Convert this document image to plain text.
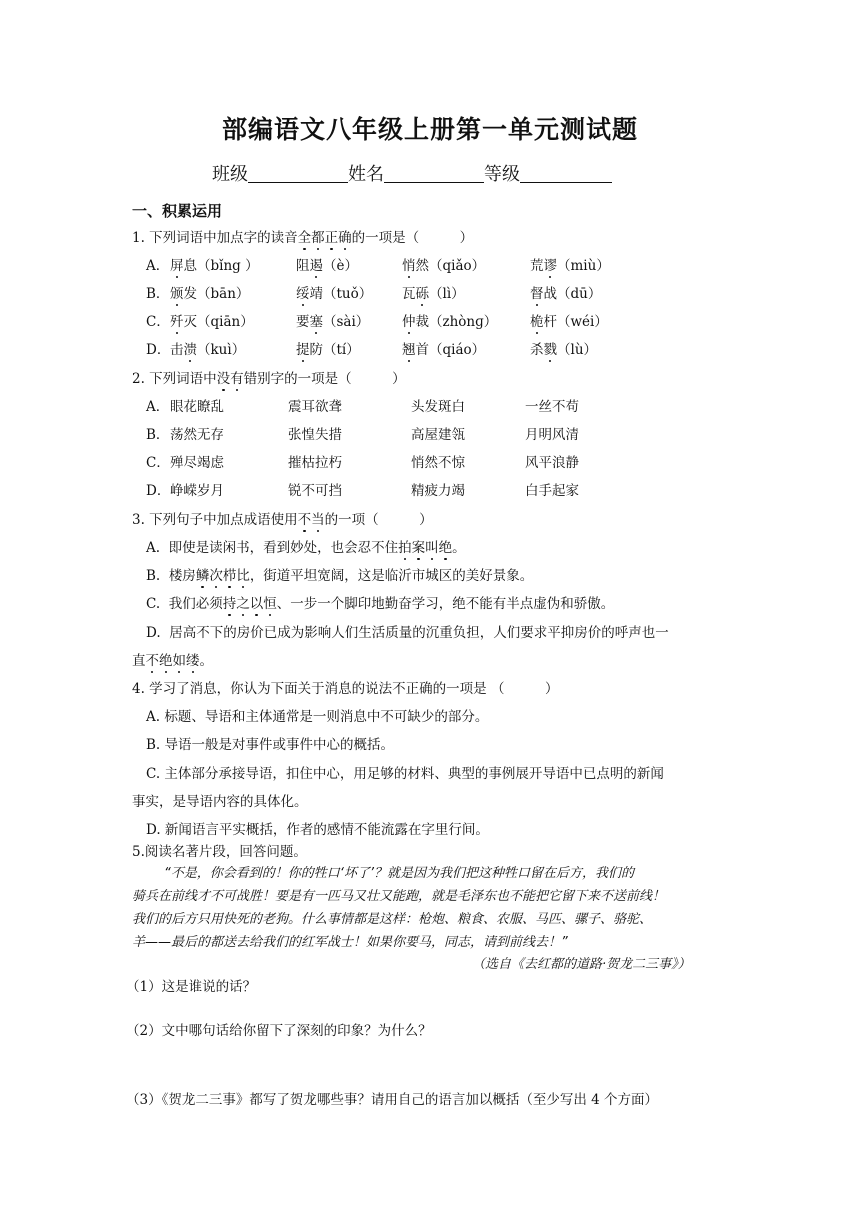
部编语文八年级上册第一单元测试题
班级	姓名	等级
一、积累运用
1. 下列词语中加点字的读音全都正确的一项是（　　　）
A． 屏息（bǐng ）	阻遏（è）	悄然（qiǎo）	荒谬（miù）
B． 颁发（bān）	绥靖（tuǒ） 瓦砾（lì）	督战（dū）
C． 歼灭（qiān）	要塞（sài） 仲裁（zhònɡ） 桅杆（wéi）
D． 击溃（kuì）	提防（tí）	翘首（qiáo）	杀戮（lù）
2. 下列词语中没有错别字的一项是（　　　）
A． 眼花瞭乱	震耳欲聋	头发斑白	一丝不苟
B． 荡然无存	张惶失措	高屋建瓴	月明风清
C． 殚尽竭虑	摧枯拉朽	悄然不惊	风平浪静
D． 峥嵘岁月	锐不可挡	精疲力竭	白手起家
3. 下列句子中加点成语使用不当的一项（　　　）
A. 即使是读闲书，看到妙处，也会忍不住拍案叫绝。
B. 楼房鳞次栉比，街道平坦宽阔，这是临沂市城区的美好景象。
C. 我们必须持之以恒、一步一个脚印地勤奋学习，绝不能有半点虚伪和骄傲。
D. 居高不下的房价已成为影响人们生活质量的沉重负担，人们要求平抑房价的呼声也一
直不绝如缕。
4. 学习了消息，你认为下面关于消息的说法不正确的一项是 （　　　）
A. 标题、导语和主体通常是一则消息中不可缺少的部分。
B. 导语一般是对事件或事件中心的概括。
C. 主体部分承接导语，扣住中心，用足够的材料、典型的事例展开导语中已点明的新闻
事实，是导语内容的具体化。
D. 新闻语言平实概括，作者的感情不能流露在字里行间。
5.阅读名著片段，回答问题。
“不是，你会看到的！你的牲口‘坏了’？就是因为我们把这种牲口留在后方，我们的
骑兵在前线才不可战胜！要是有一匹马又壮又能跑，就是毛泽东也不能把它留下来不送前线！
我们的后方只用快死的老狗。什么事情都是这样：枪炮、粮食、农服、马匹、骡子、骆驼、
羊——最后的都送去给我们的红军战士！如果你要马，同志，请到前线去！”
（选自《去红都的道路·贺龙二三事》）
（1）这是谁说的话？
（2）文中哪句话给你留下了深刻的印象？为什么？
（3）《贺龙二三事》都写了贺龙哪些事？请用自己的语言加以概括（至少写出 4 个方面）
